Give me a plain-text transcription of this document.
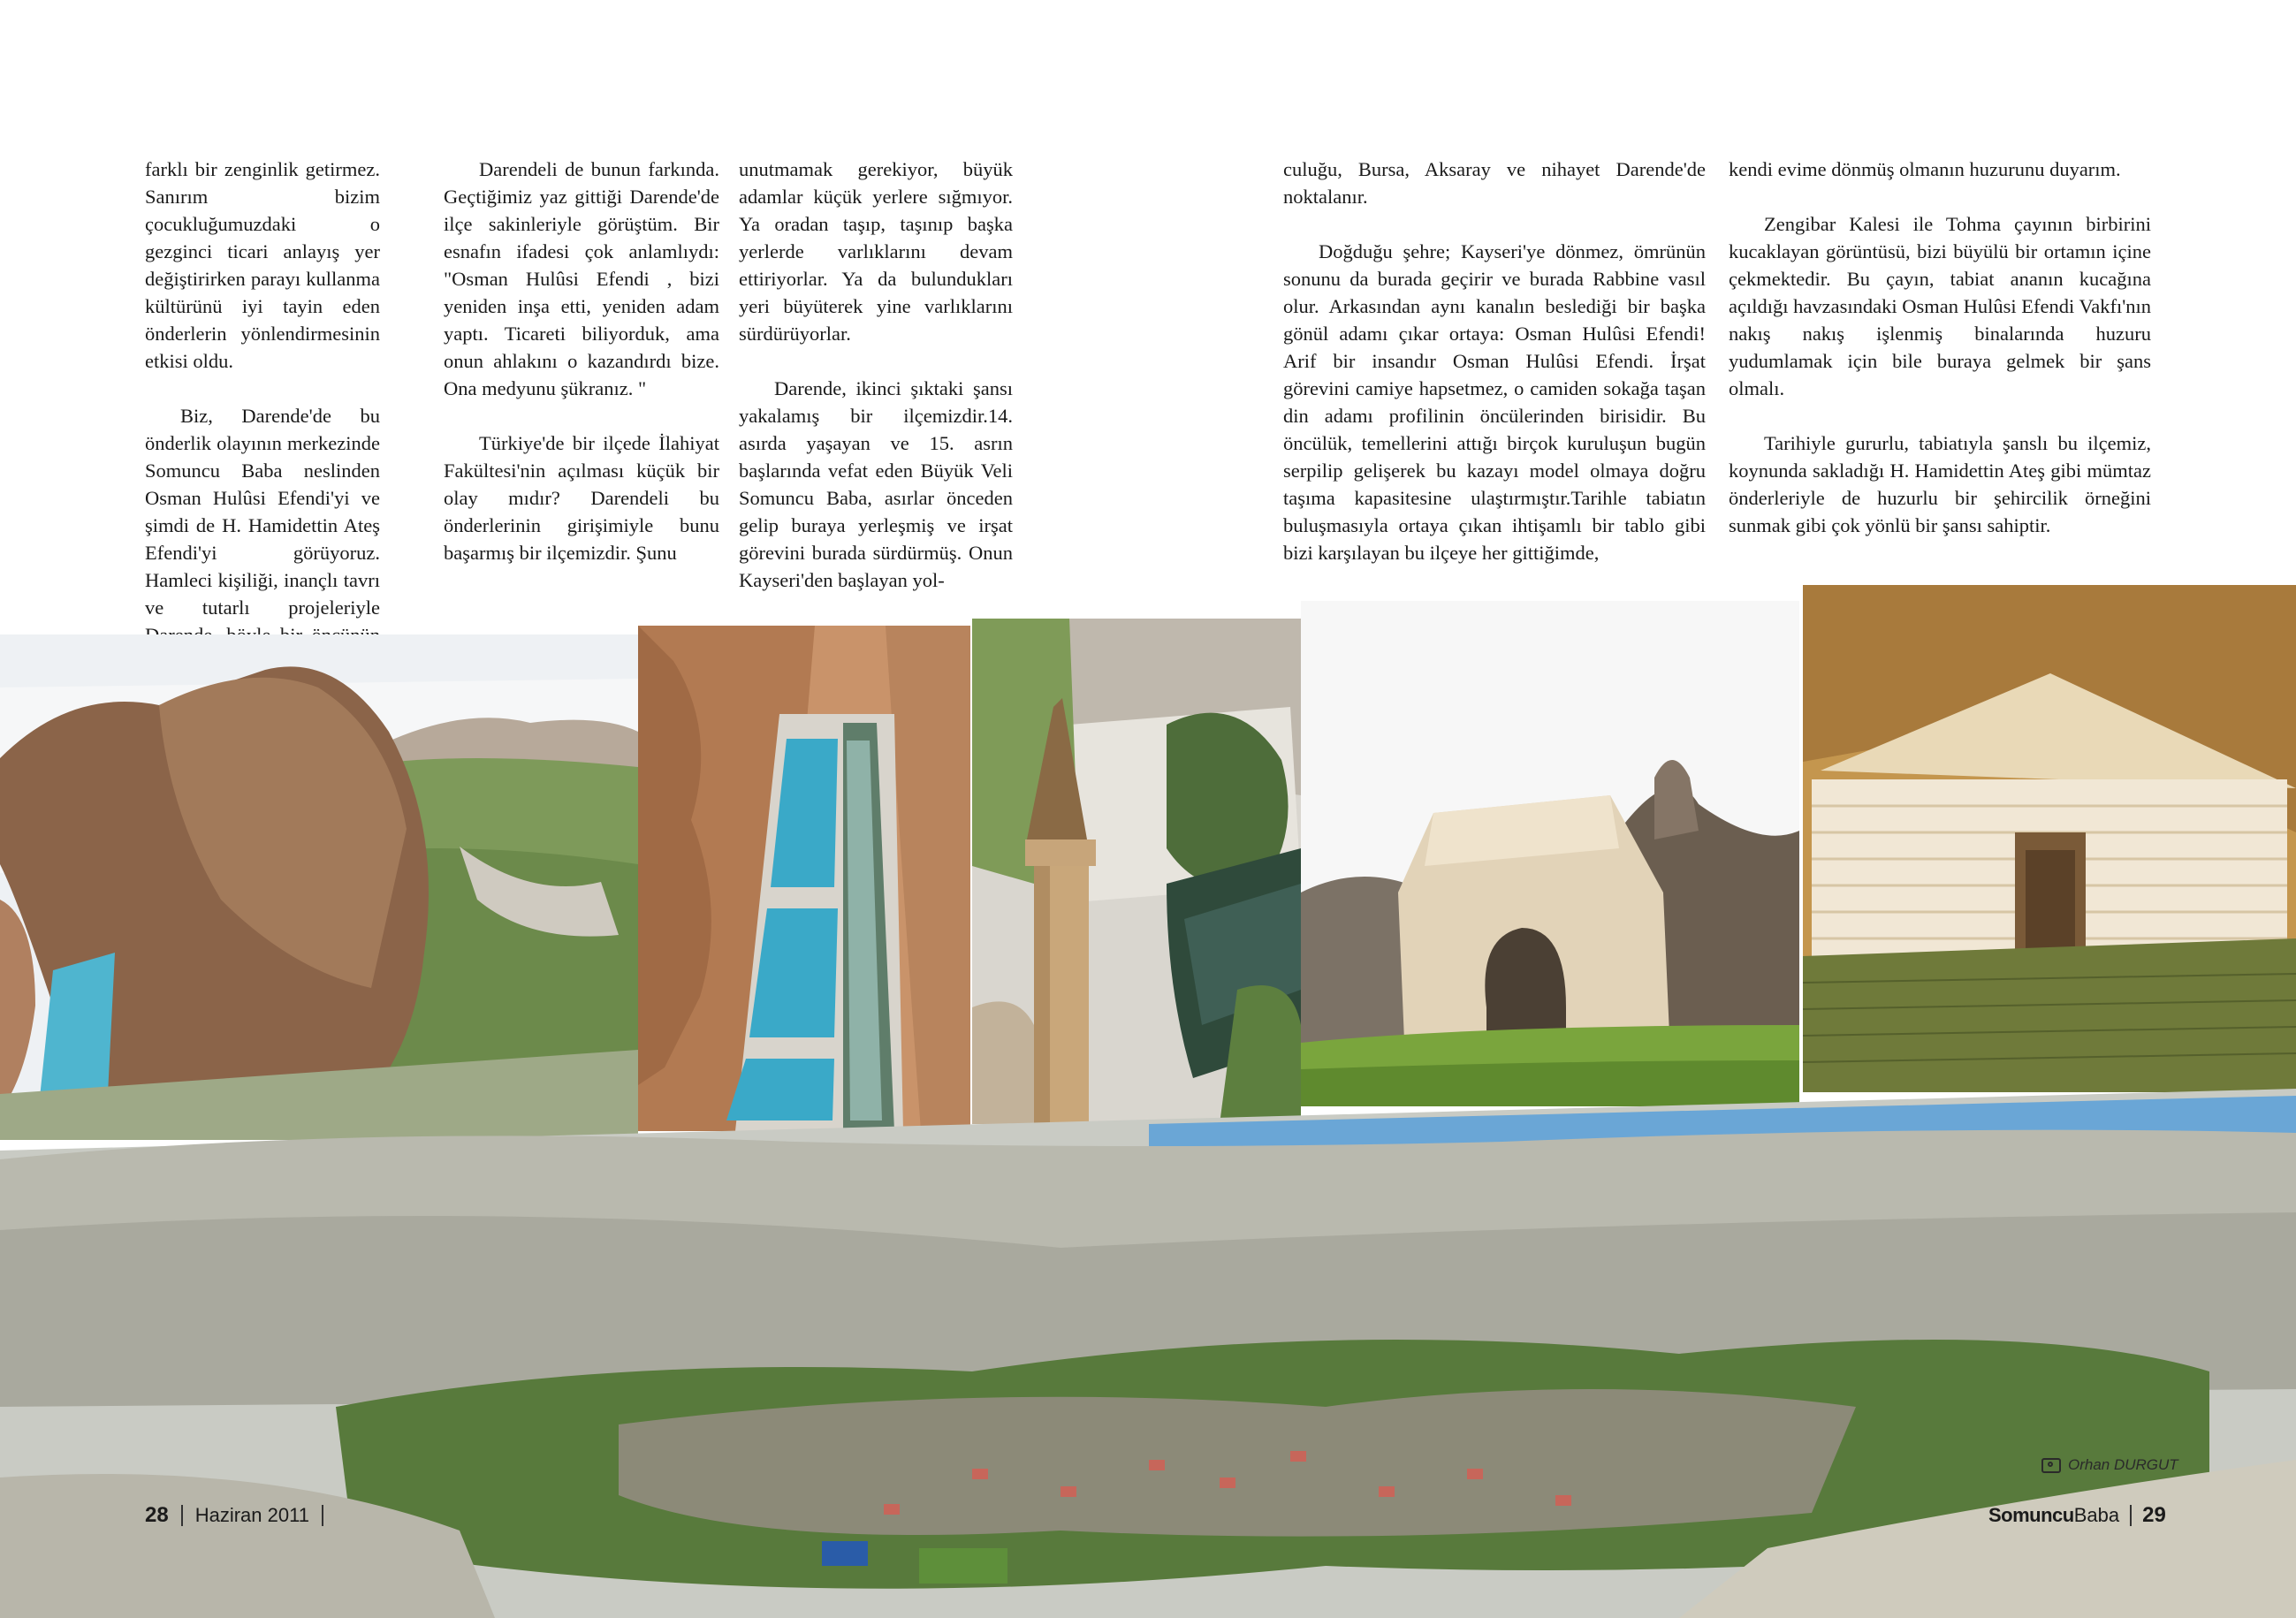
farklı bir zenginlik getirmez. Sanırım bizim çocukluğumuzdaki o gezginci ticari anlayış yer değiştirirken parayı kullanma kültürünü iyi tayin eden önderlerin yönlendirmesinin etkisi oldu.

Biz, Darende'de bu önderlik olayının merkezinde Somuncu Baba neslinden Osman Hulûsi Efendi'yi ve şimdi de H. Hamidettin Ateş Efendi'yi görüyoruz. Hamleci kişiliği, inançlı tavrı ve tutarlı projeleriyle

Darendeli de bunun farkında. Geçtiğimiz yaz gittiği Darende'de ilçe sakinleriyle görüştüm. Bir esnafın ifadesi çok anlamlıydı: "Osman Hulûsi Efendi , bizi yeniden inşa etti, yeniden adam yaptı. Ticareti biliyorduk, ama onun ahlakını o kazandırdı bize. Ona medyunu şükranız. "

Türkiye'de bir ilçede İlahiyat Fakültesi'nin açılması küçük bir olay mıdır? Darendeli bu önderlerinin girişimiyle bunu başarmış bir ilçemizdir. Şunu

unutmamak gerekiyor, büyük adamlar küçük yerlere sığmıyor. Ya oradan taşıp, taşınıp başka yerlerde varlıklarını devam ettiriyorlar. Ya da bulundukları yeri büyüterek yine varlıklarını sürdürüyorlar.

Darende, ikinci şıktaki şansı yakalamış bir ilçemizdir.14. asırda yaşayan ve 15. asrın başlarında vefat eden Büyük Veli Somuncu Baba, asırlar önceden gelip buraya yerleşmiş ve irşat görevini burada sürdürmüş. Onun Kayseri'den başlayan yol-

culuğu, Bursa, Aksaray ve nihayet Darende'de noktalanır.

Doğduğu şehre; Kayseri'ye dönmez, ömrünün sonunu da burada geçirir ve burada Rabbine vasıl olur. Arkasından aynı kanalın beslediği bir başka gönül adamı çıkar ortaya: Osman Hulûsi Efendi! Arif bir insandır Osman Hulûsi Efendi. İrşat görevini camiye hapsetmez, o camiden sokağa taşan din adamı profilinin öncülerinden birisidir. Bu öncülük, temellerini attığı birçok kuruluşun bugün serpilip gelişerek bu kazayı model olmaya doğru taşıma kapasitesine ulaştırmıştır.Tarihle tabiatın buluşmasıyla ortaya çıkan ihtişamlı bir tablo gibi bizi karşılayan bu ilçeye her gittiğimde,

kendi evime dönmüş olmanın huzurunu duyarım.

Zengibar Kalesi ile Tohma çayının birbirini kucaklayan görüntüsü, bizi büyülü bir ortamın içine çekmektedir. Bu çayın, tabiat ananın kucağına açıldığı havzasındaki Osman Hulûsi Efendi Vakfı'nın nakış nakış işlenmiş binalarında huzuru yudumlamak için bile buraya gelmek bir şans olmalı.

Tarihiyle gururlu, tabiatıyla şanslı bu ilçemiz, koynunda sakladığı H. Hamidettin Ateş gibi mümtaz önderleriyle de huzurlu bir şehircilik örneğini sunmak gibi çok yönlü bir şansı sahiptir.

Orhan DURGUT
28 Haziran 2011	SomuncuBaba 29
